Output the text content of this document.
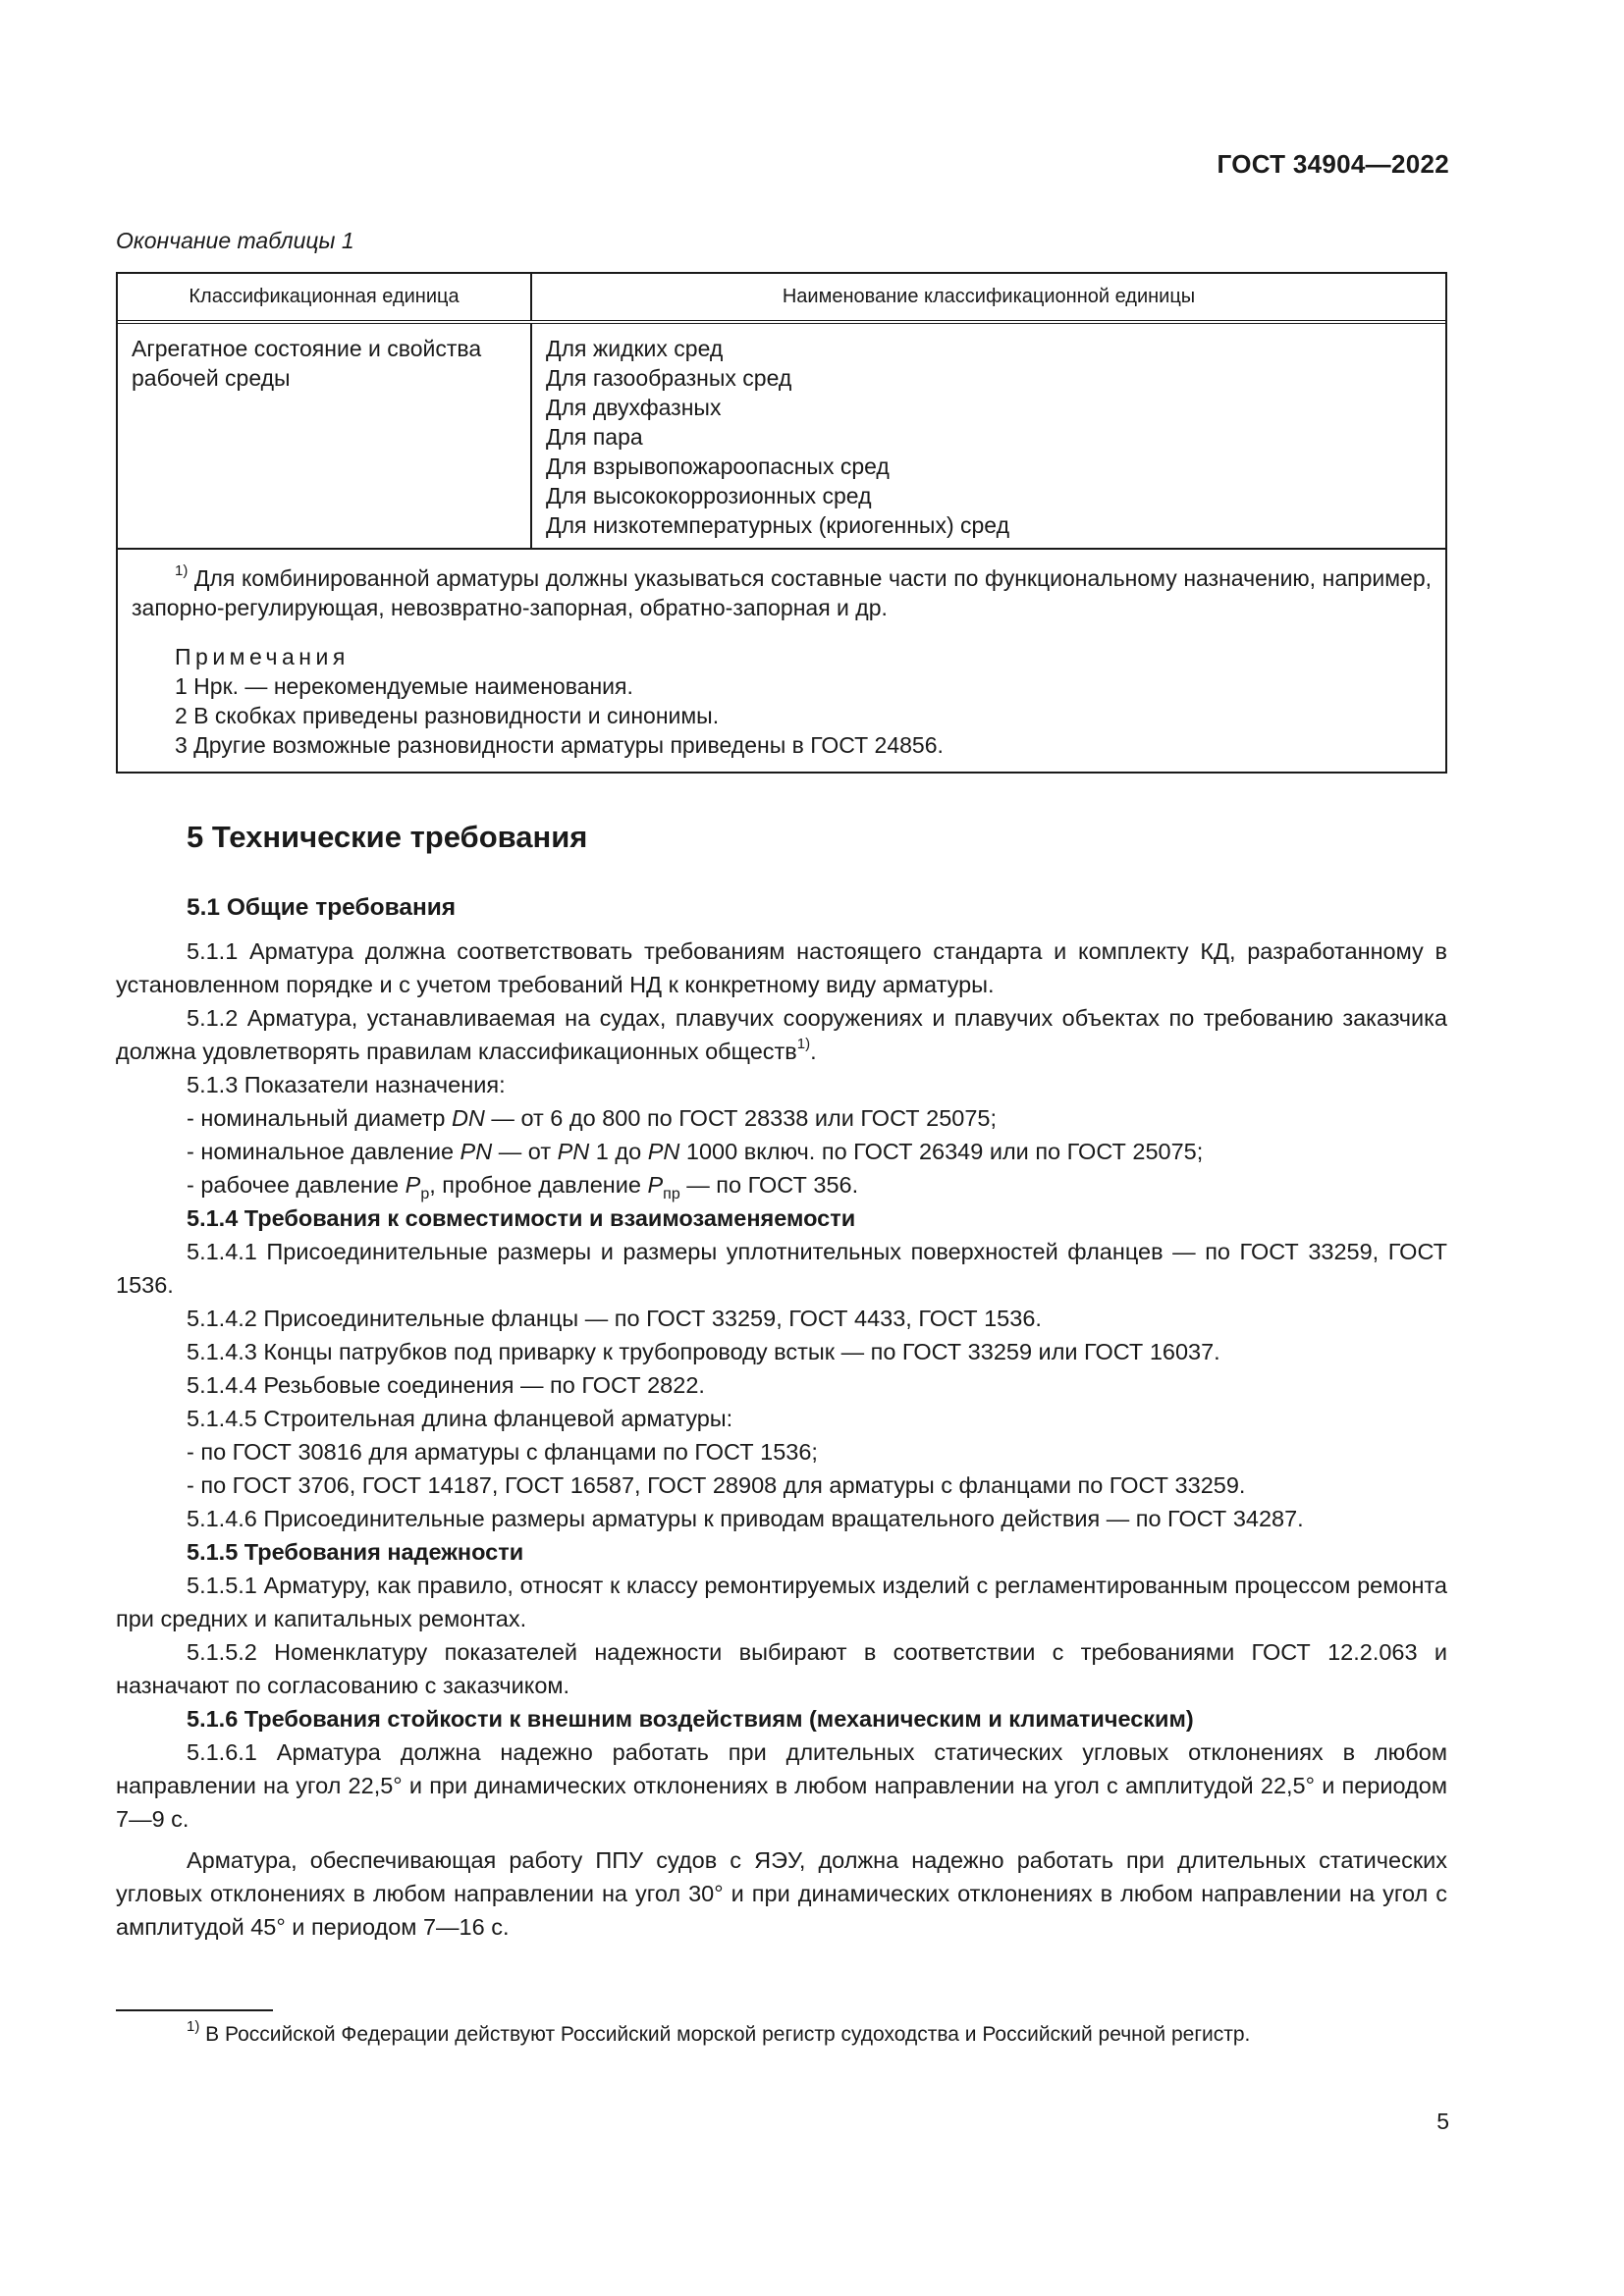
ГОСТ 34904—2022
Окончание таблицы 1
Классификационная единица	Наименование классификационной единицы
Агрегатное состояние и свойства рабочей среды
Для жидких сред
Для газообразных сред
Для двухфазных
Для пара
Для взрывопожароопасных сред
Для высококоррозионных сред
Для низкотемпературных (криогенных) сред
$^{1)}$ Для комбинированной арматуры должны указываться составные части по функциональному назначению, например, запорно-регулирующая, невозвратно-запорная, обратно-запорная и др.
Примечания
1 Нрк. — нерекомендуемые наименования.
2 В скобках приведены разновидности и синонимы.
3 Другие возможные разновидности арматуры приведены в ГОСТ 24856.
5 Технические требования

5.1 Общие требования

5.1.1 Арматура должна соответствовать требованиям настоящего стандарта и комплекту КД, разработанному в установленном порядке и с учетом требований НД к конкретному виду арматуры.

5.1.2 Арматура, устанавливаемая на судах, плавучих сооружениях и плавучих объектах по требованию заказчика должна удовлетворять правилам классификационных обществ$^{1)}$.

5.1.3 Показатели назначения:

- номинальный диаметр DN — от 6 до 800 по ГОСТ 28338 или ГОСТ 25075;

- номинальное давление PN — от PN 1 до PN 1000 включ. по ГОСТ 26349 или по ГОСТ 25075;

- рабочее давление $P_р$, пробное давление $P_{пр}$ — по ГОСТ 356.

5.1.4 Требования к совместимости и взаимозаменяемости

5.1.4.1 Присоединительные размеры и размеры уплотнительных поверхностей фланцев — по ГОСТ 33259, ГОСТ 1536.

5.1.4.2 Присоединительные фланцы — по ГОСТ 33259, ГОСТ 4433, ГОСТ 1536.

5.1.4.3 Концы патрубков под приварку к трубопроводу встык — по ГОСТ 33259 или ГОСТ 16037.

5.1.4.4 Резьбовые соединения — по ГОСТ 2822.

5.1.4.5 Строительная длина фланцевой арматуры:

- по ГОСТ 30816 для арматуры с фланцами по ГОСТ 1536;

- по ГОСТ 3706, ГОСТ 14187, ГОСТ 16587, ГОСТ 28908 для арматуры с фланцами по ГОСТ 33259.

5.1.4.6 Присоединительные размеры арматуры к приводам вращательного действия — по ГОСТ 34287.

5.1.5 Требования надежности

5.1.5.1 Арматуру, как правило, относят к классу ремонтируемых изделий с регламентированным процессом ремонта при средних и капитальных ремонтах.

5.1.5.2 Номенклатуру показателей надежности выбирают в соответствии с требованиями ГОСТ 12.2.063 и назначают по согласованию с заказчиком.

5.1.6 Требования стойкости к внешним воздействиям (механическим и климатическим)

5.1.6.1 Арматура должна надежно работать при длительных статических угловых отклонениях в любом направлении на угол 22,5° и при динамических отклонениях в любом направлении на угол с амплитудой 22,5° и периодом 7—9 с.

Арматура, обеспечивающая работу ППУ судов с ЯЭУ, должна надежно работать при длительных статических угловых отклонениях в любом направлении на угол 30° и при динамических отклонениях в любом направлении на угол с амплитудой 45° и периодом 7—16 с.

$^{1)}$ В Российской Федерации действуют Российский морской регистр судоходства и Российский речной регистр.
5
